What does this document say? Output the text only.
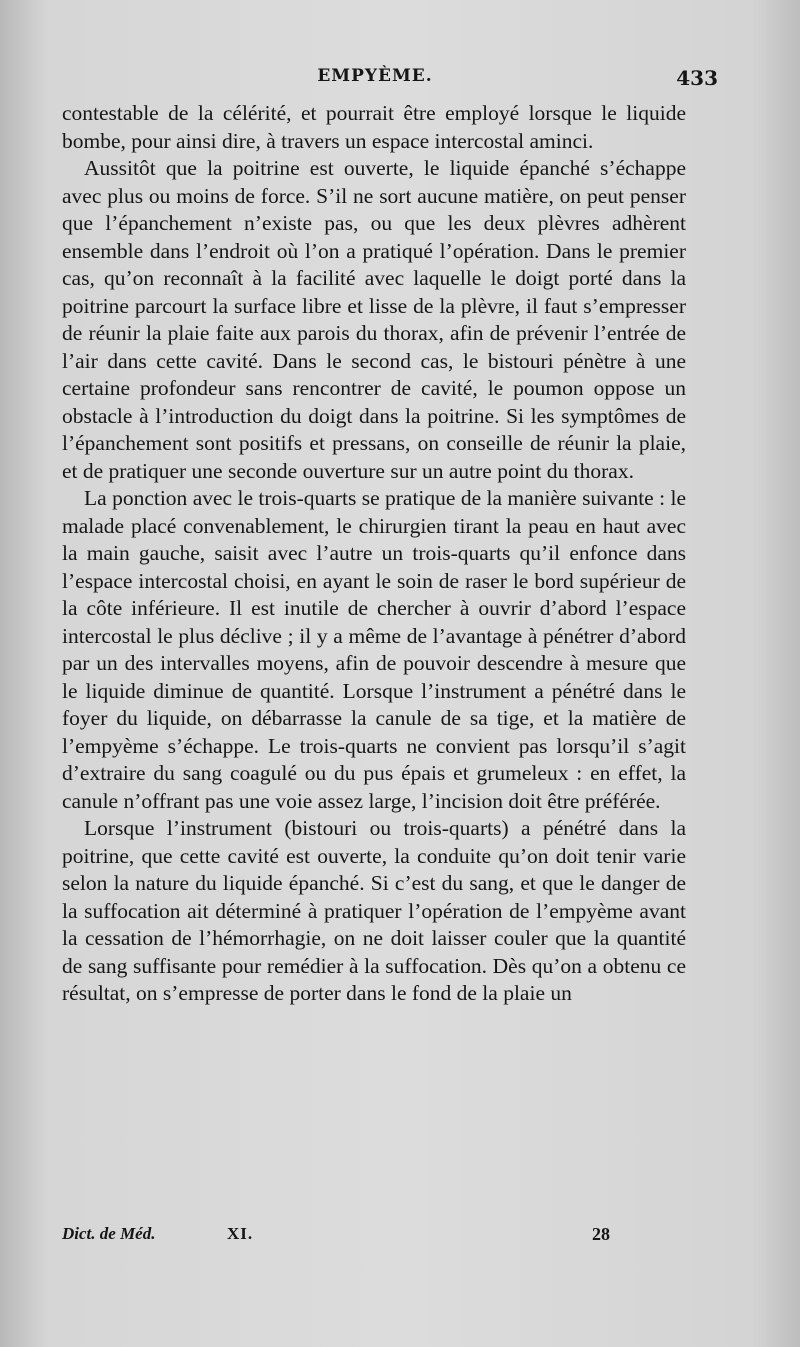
EMPYÈME.	433

contestable de la célérité, et pourrait être employé lorsque le liquide bombe, pour ainsi dire, à travers un espace intercostal aminci.

Aussitôt que la poitrine est ouverte, le liquide épanché s’échappe avec plus ou moins de force. S’il ne sort aucune matière, on peut penser que l’épanchement n’existe pas, ou que les deux plèvres adhèrent ensemble dans l’endroit où l’on a pratiqué l’opération. Dans le premier cas, qu’on reconnaît à la facilité avec laquelle le doigt porté dans la poitrine parcourt la surface libre et lisse de la plèvre, il faut s’empresser de réunir la plaie faite aux parois du thorax, afin de prévenir l’entrée de l’air dans cette cavité. Dans le second cas, le bistouri pénètre à une certaine profondeur sans rencontrer de cavité, le poumon oppose un obstacle à l’introduction du doigt dans la poitrine. Si les symptômes de l’épanchement sont positifs et pressans, on conseille de réunir la plaie, et de pratiquer une seconde ouverture sur un autre point du thorax.

La ponction avec le trois-quarts se pratique de la manière suivante : le malade placé convenablement, le chirurgien tirant la peau en haut avec la main gauche, saisit avec l’autre un trois-quarts qu’il enfonce dans l’espace intercostal choisi, en ayant le soin de raser le bord supérieur de la côte inférieure. Il est inutile de chercher à ouvrir d’abord l’espace intercostal le plus déclive ; il y a même de l’avantage à pénétrer d’abord par un des intervalles moyens, afin de pouvoir descendre à mesure que le liquide diminue de quantité. Lorsque l’instrument a pénétré dans le foyer du liquide, on débarrasse la canule de sa tige, et la matière de l’empyème s’échappe. Le trois-quarts ne convient pas lorsqu’il s’agit d’extraire du sang coagulé ou du pus épais et grumeleux : en effet, la canule n’offrant pas une voie assez large, l’incision doit être préférée.

Lorsque l’instrument (bistouri ou trois-quarts) a pénétré dans la poitrine, que cette cavité est ouverte, la conduite qu’on doit tenir varie selon la nature du liquide épanché. Si c’est du sang, et que le danger de la suffocation ait déterminé à pratiquer l’opération de l’empyème avant la cessation de l’hémorrhagie, on ne doit laisser couler que la quantité de sang suffisante pour remédier à la suffocation. Dès qu’on a obtenu ce résultat, on s’empresse de porter dans le fond de la plaie un

Dict. de Méd.	XI.	28
